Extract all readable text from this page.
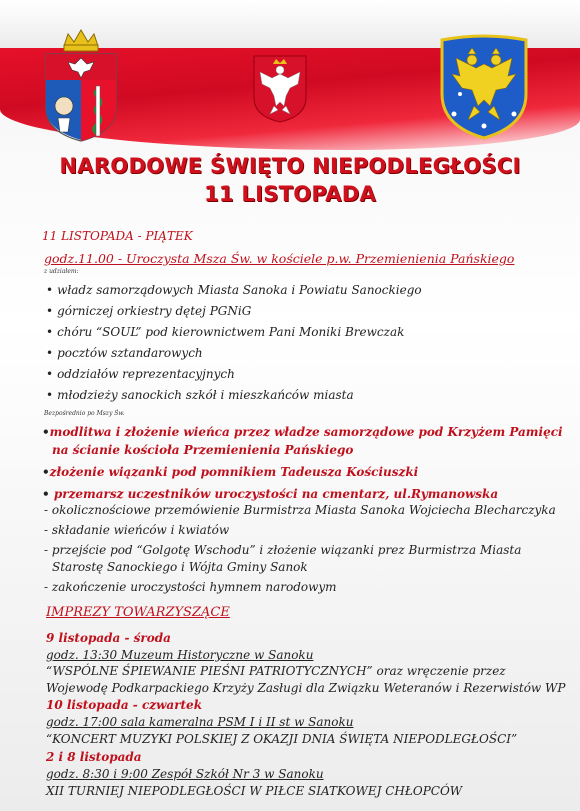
NARODOWE ŚWIĘTO NIEPODLEGŁOŚCI
11 LISTOPADA
11 LISTOPADA - PIĄTEK
godz.11.00 - Uroczysta Msza Św. w kościele p.w. Przemienienia Pańskiego
z udziałem:
• władz samorządowych Miasta Sanoka i Powiatu Sanockiego
• górniczej orkiestry dętej PGNiG
• chóru “SOUL” pod kierownictwem Pani Moniki Brewczak
• pocztów sztandarowych
• oddziałów reprezentacyjnych
• młodzieży sanockich szkół i mieszkańców miasta
Bezpośrednio po Mszy Św.
•modlitwa i złożenie wieńca przez władze samorządowe pod Krzyżem Pamięci
na ścianie kościoła Przemienienia Pańskiego
•złożenie wiązanki pod pomnikiem Tadeusza Kościuszki
• przemarsz uczestników uroczystości na cmentarz, ul.Rymanowska
- okolicznościowe przemówienie Burmistrza Miasta Sanoka Wojciecha Blecharczyka
- składanie wieńców i kwiatów
- przejście pod “Golgotę Wschodu” i złożenie wiązanki prez Burmistrza Miasta
Starostę Sanockiego i Wójta Gminy Sanok
- zakończenie uroczystości hymnem narodowym
IMPREZY TOWARZYSZĄCE
9 listopada - środa
godz. 13:30 Muzeum Historyczne w Sanoku
“WSPÓLNE ŚPIEWANIE PIEŚNI PATRIOTYCZNYCH” oraz wręczenie przez
Wojewodę Podkarpackiego Krzyży Zasługi dla Związku Weteranów i Rezerwistów WP
10 listopada - czwartek
godz. 17:00 sala kameralna PSM I i II st w Sanoku
“KONCERT MUZYKI POLSKIEJ Z OKAZJI DNIA ŚWIĘTA NIEPODLEGŁOŚCI”
2 i 8 listopada
godz. 8:30 i 9:00 Zespół Szkół Nr 3 w Sanoku
XII TURNIEJ NIEPODLEGŁOŚCI W PIŁCE SIATKOWEJ CHŁOPCÓW
